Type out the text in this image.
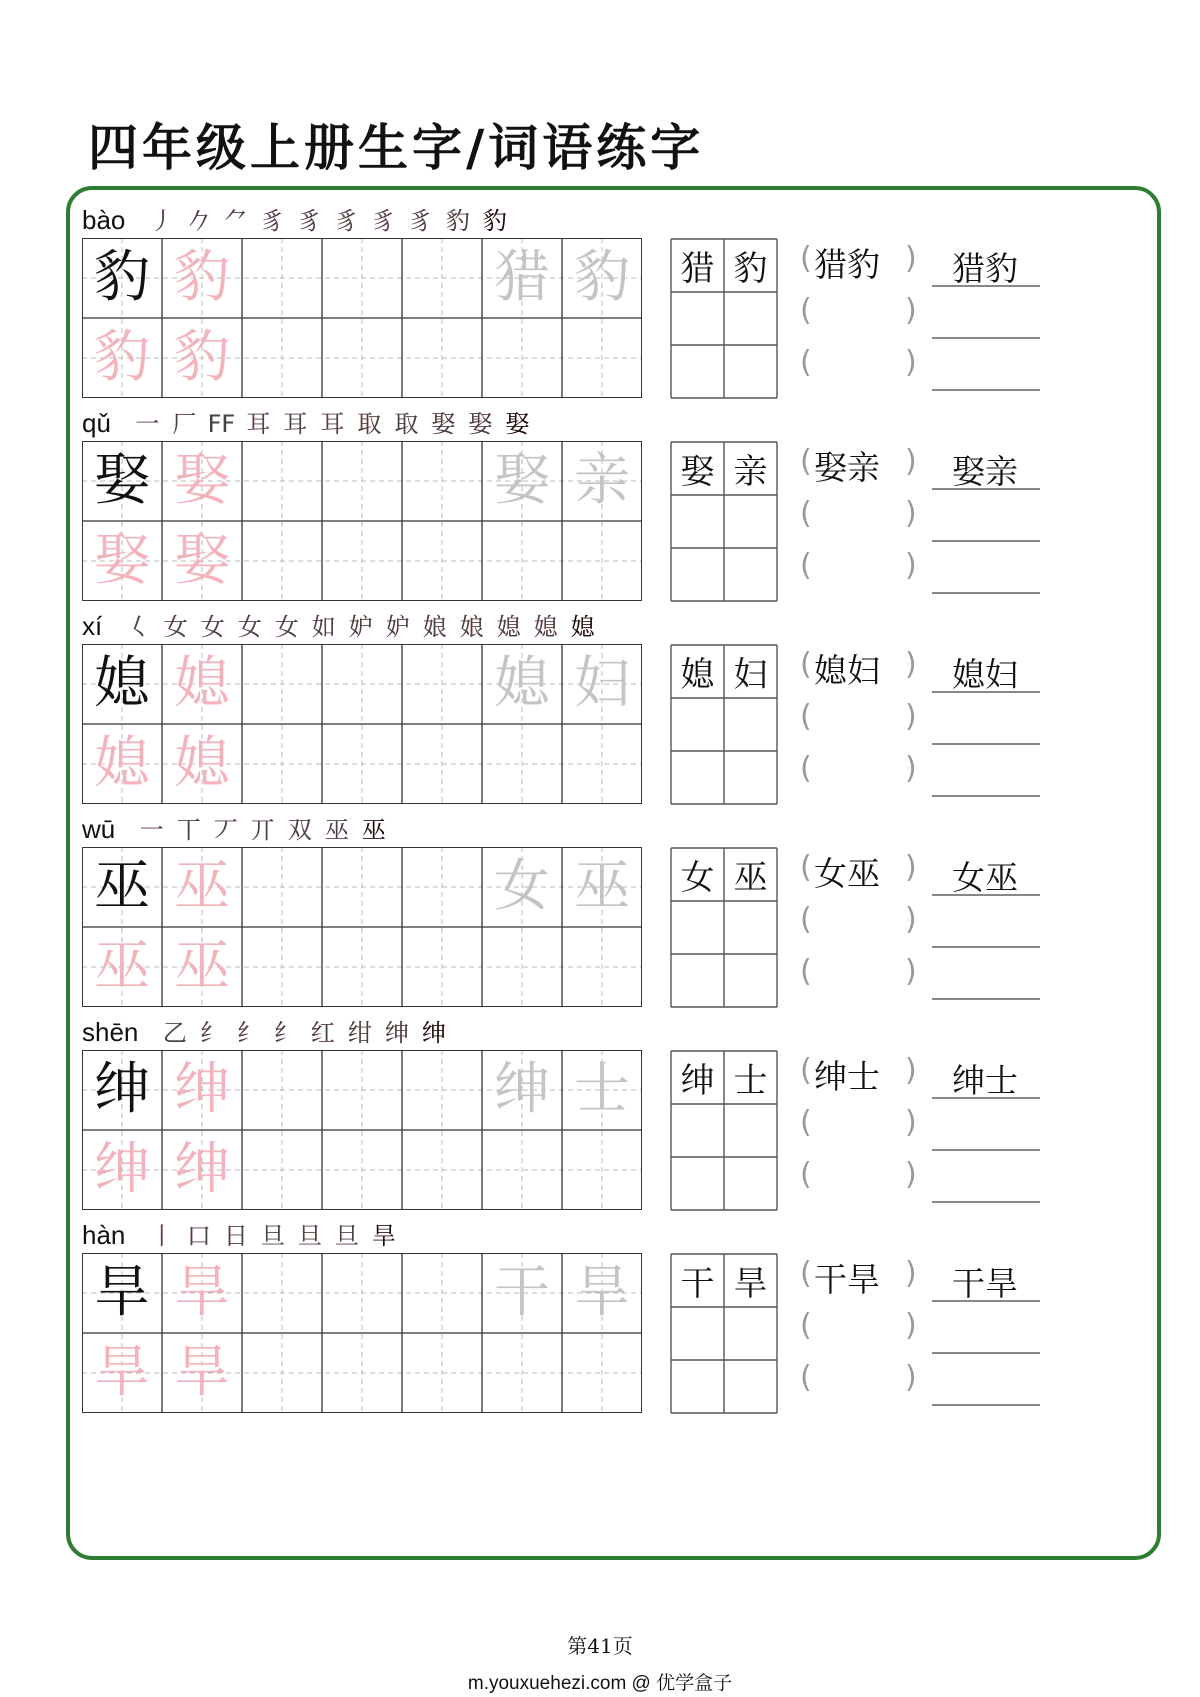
四年级上册生字/词语练字
bào 丿 𠂊 ⺈ 豸 豸 豸 豸 豸 豹 豹
豹 豹
豹 豹
猎 豹	猎 豹 猎豹
(	)
(	)
(	)
猎豹
qǔ 一 厂 FF 耳 耳 耳 取 取 娶 娶 娶
娶 娶
娶 娶
娶 亲	娶 亲 娶亲
(	)
(	)
(	)
娶亲
xí 𡿨 女 女 女 女 如 妒 妒 娘 娘 媳 媳 媳
媳 媳
媳 媳
媳 妇	媳 妇 媳妇
(	)
(	)
(	)
媳妇
wū 一 丅 丆 丌 双 巫 巫
巫 巫
巫 巫
女 巫	女 巫 女巫
(	)
(	)
(	)
女巫
shēn 乙 纟 纟 纟 红 绀 绅 绅
绅 绅
绅 绅
绅 士	绅 士 绅士
(	)
(	)
(	)
绅士
hàn 丨 口 日 旦 旦 旦 旱
旱 旱
旱 旱
干 旱	干 旱 干旱
(	)
(	)
(	)
干旱
第41页
m.youxuehezi.com @ 优学盒子
